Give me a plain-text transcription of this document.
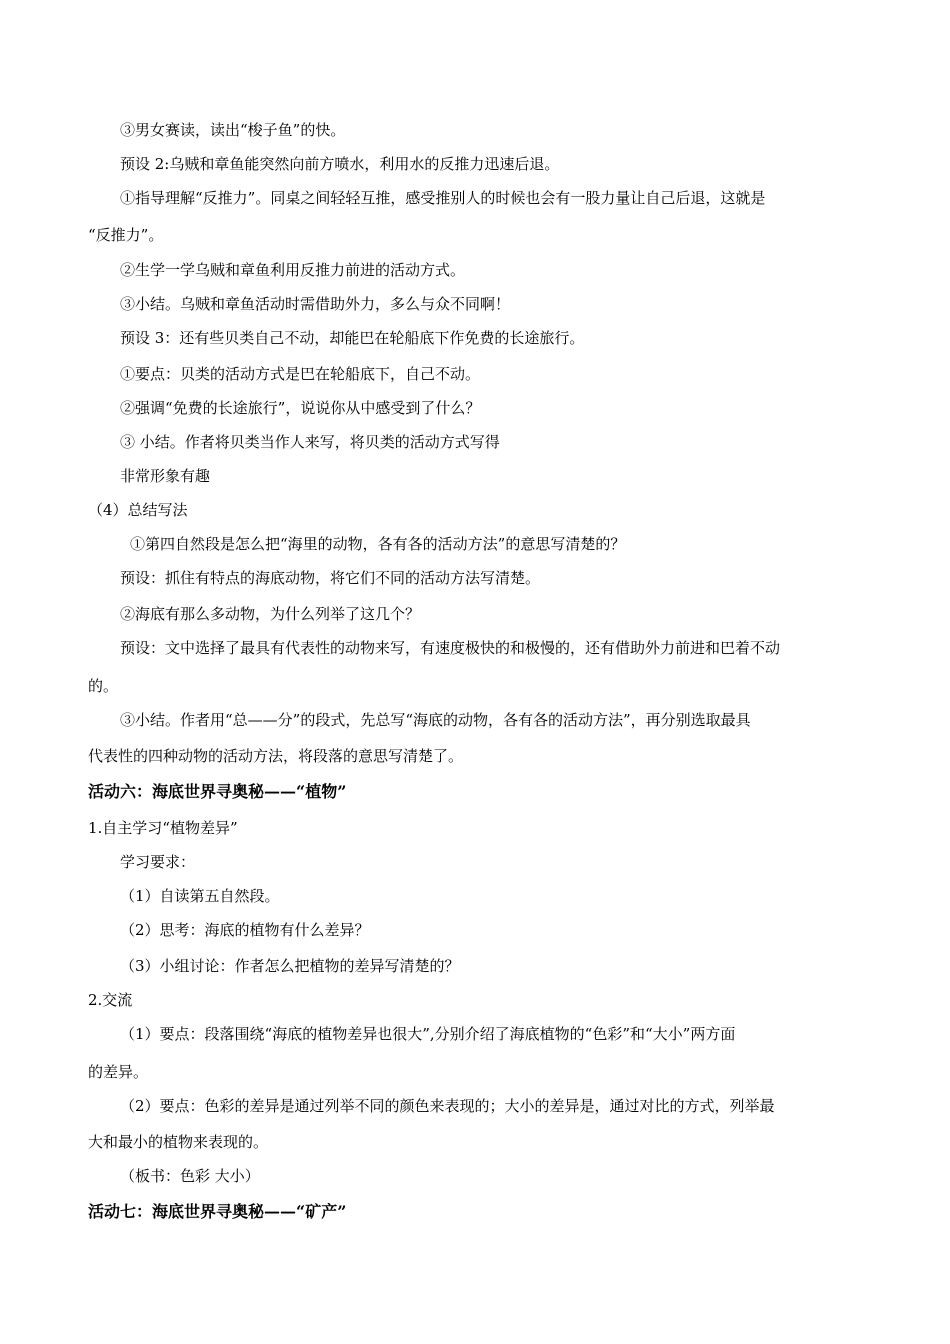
③男女赛读，读出“梭子鱼”的快。
预设 2:乌贼和章鱼能突然向前方喷水，利用水的反推力迅速后退。
①指导理解“反推力”。同桌之间轻轻互推，感受推别人的时候也会有一股力量让自己后退，这就是
“反推力”。
②生学一学乌贼和章鱼利用反推力前进的活动方式。
③小结。乌贼和章鱼活动时需借助外力，多么与众不同啊！
预设 3：还有些贝类自己不动，却能巴在轮船底下作免费的长途旅行。
①要点：贝类的活动方式是巴在轮船底下，自己不动。
②强调“免费的长途旅行”，说说你从中感受到了什么？
③ 小结。作者将贝类当作人来写，将贝类的活动方式写得
非常形象有趣
（4）总结写法
①第四自然段是怎么把“海里的动物，各有各的活动方法”的意思写清楚的？
预设：抓住有特点的海底动物，将它们不同的活动方法写清楚。
②海底有那么多动物，为什么列举了这几个？
预设：文中选择了最具有代表性的动物来写，有速度极快的和极慢的，还有借助外力前进和巴着不动
的。
③小结。作者用“总——分”的段式，先总写“海底的动物，各有各的活动方法”，再分别选取最具
代表性的四种动物的活动方法，将段落的意思写清楚了。
活动六：海底世界寻奥秘——“植物”
1.自主学习“植物差异”
学习要求：
（1）自读第五自然段。
（2）思考：海底的植物有什么差异？
（3）小组讨论：作者怎么把植物的差异写清楚的？
2.交流
（1）要点：段落围绕“海底的植物差异也很大”,分别介绍了海底植物的“色彩”和“大小”两方面
的差异。
（2）要点：色彩的差异是通过列举不同的颜色来表现的；大小的差异是，通过对比的方式，列举最
大和最小的植物来表现的。
（板书：色彩 大小）
活动七：海底世界寻奥秘——“矿产”
